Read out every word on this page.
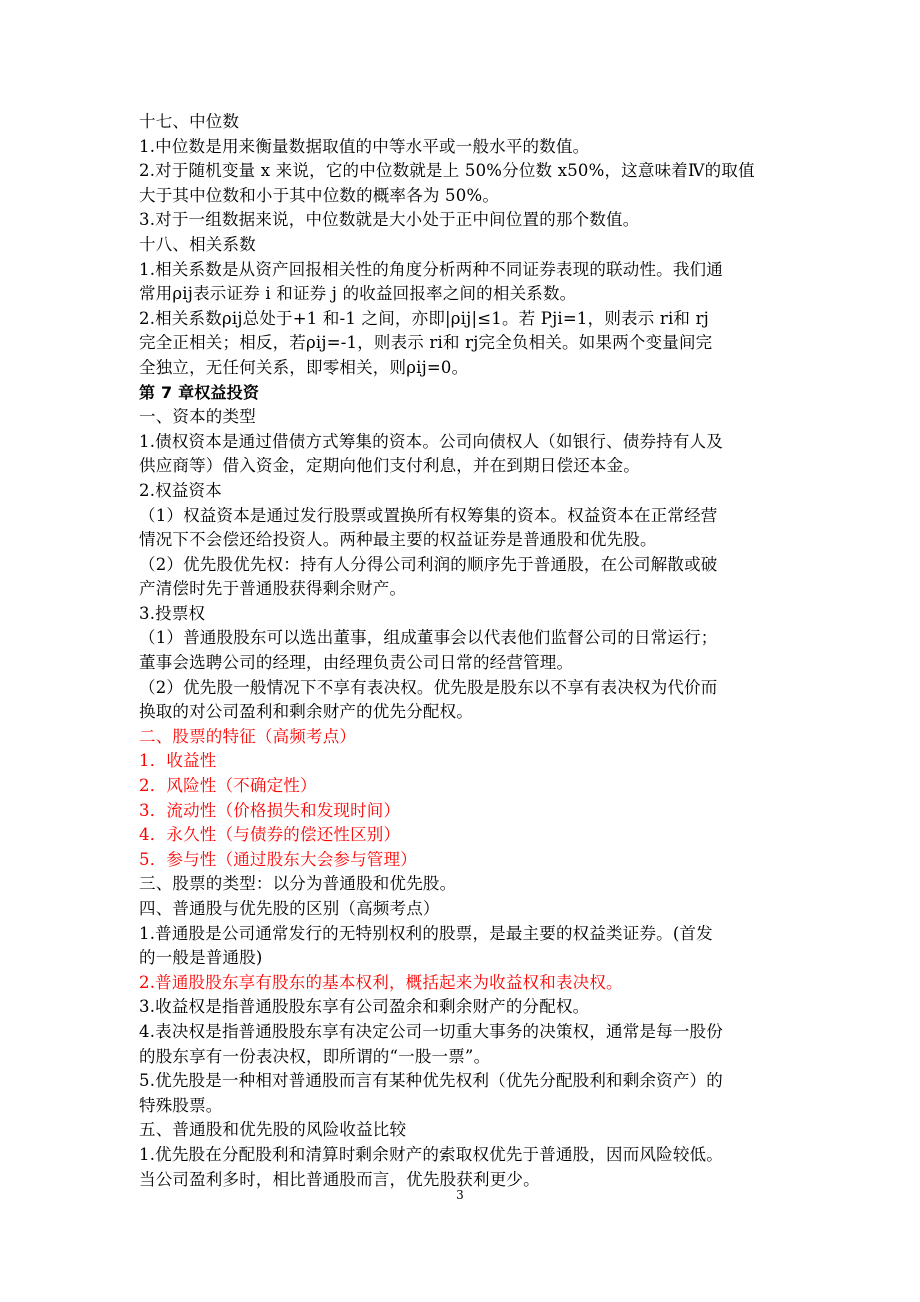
十七、中位数
1.中位数是用来衡量数据取值的中等水平或一般水平的数值。
2.对于随机变量 x 来说，它的中位数就是上 50%分位数 x50%，这意味着Ⅳ的取值
大于其中位数和小于其中位数的概率各为 50%。
3.对于一组数据来说，中位数就是大小处于正中间位置的那个数值。
十八、相关系数
1.相关系数是从资产回报相关性的角度分析两种不同证券表现的联动性。我们通
常用ρij表示证券 i 和证券 j 的收益回报率之间的相关系数。
2.相关系数ρij总处于+1 和-1 之间，亦即|ρij|≤1。若 Pji=1，则表示 ri和 rj
完全正相关；相反，若ρij=-1，则表示 ri和 rj完全负相关。如果两个变量间完
全独立，无任何关系，即零相关，则ρij=0。
第 7 章权益投资
一、资本的类型
1.债权资本是通过借债方式筹集的资本。公司向债权人（如银行、债券持有人及
供应商等）借入资金，定期向他们支付利息，并在到期日偿还本金。
2.权益资本
（1）权益资本是通过发行股票或置换所有权筹集的资本。权益资本在正常经营
情况下不会偿还给投资人。两种最主要的权益证券是普通股和优先股。
（2）优先股优先权：持有人分得公司利润的顺序先于普通股，在公司解散或破
产清偿时先于普通股获得剩余财产。
3.投票权
（1）普通股股东可以选出董事，组成董事会以代表他们监督公司的日常运行；
董事会选聘公司的经理，由经理负责公司日常的经营管理。
（2）优先股一般情况下不享有表决权。优先股是股东以不享有表决权为代价而
换取的对公司盈利和剩余财产的优先分配权。
二、股票的特征（高频考点）
1．收益性
2．风险性（不确定性）
3．流动性（价格损失和发现时间）
4．永久性（与债券的偿还性区别）
5．参与性（通过股东大会参与管理）
三、股票的类型：以分为普通股和优先股。
四、普通股与优先股的区别（高频考点）
1.普通股是公司通常发行的无特别权利的股票，是最主要的权益类证券。(首发
的一般是普通股)
2.普通股股东享有股东的基本权利，概括起来为收益权和表决权。
3.收益权是指普通股股东享有公司盈余和剩余财产的分配权。
4.表决权是指普通股股东享有决定公司一切重大事务的决策权，通常是每一股份
的股东享有一份表决权，即所谓的“一股一票”。
5.优先股是一种相对普通股而言有某种优先权利（优先分配股利和剩余资产）的
特殊股票。
五、普通股和优先股的风险收益比较
1.优先股在分配股利和清算时剩余财产的索取权优先于普通股，因而风险较低。
当公司盈利多时，相比普通股而言，优先股获利更少。
3
